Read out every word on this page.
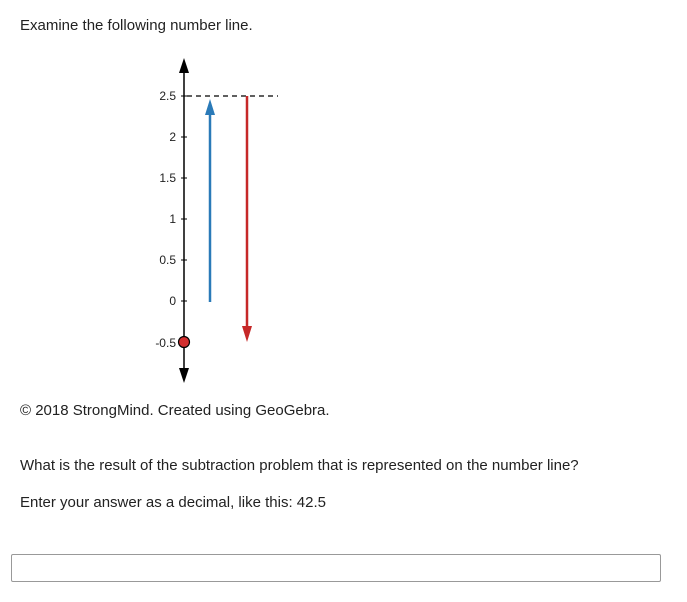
Examine the following number line.

2.5
2
1.5
1
0.5
0
-0.5

© 2018 StrongMind. Created using GeoGebra.

What is the result of the subtraction problem that is represented on the number line?

Enter your answer as a decimal, like this: 42.5
